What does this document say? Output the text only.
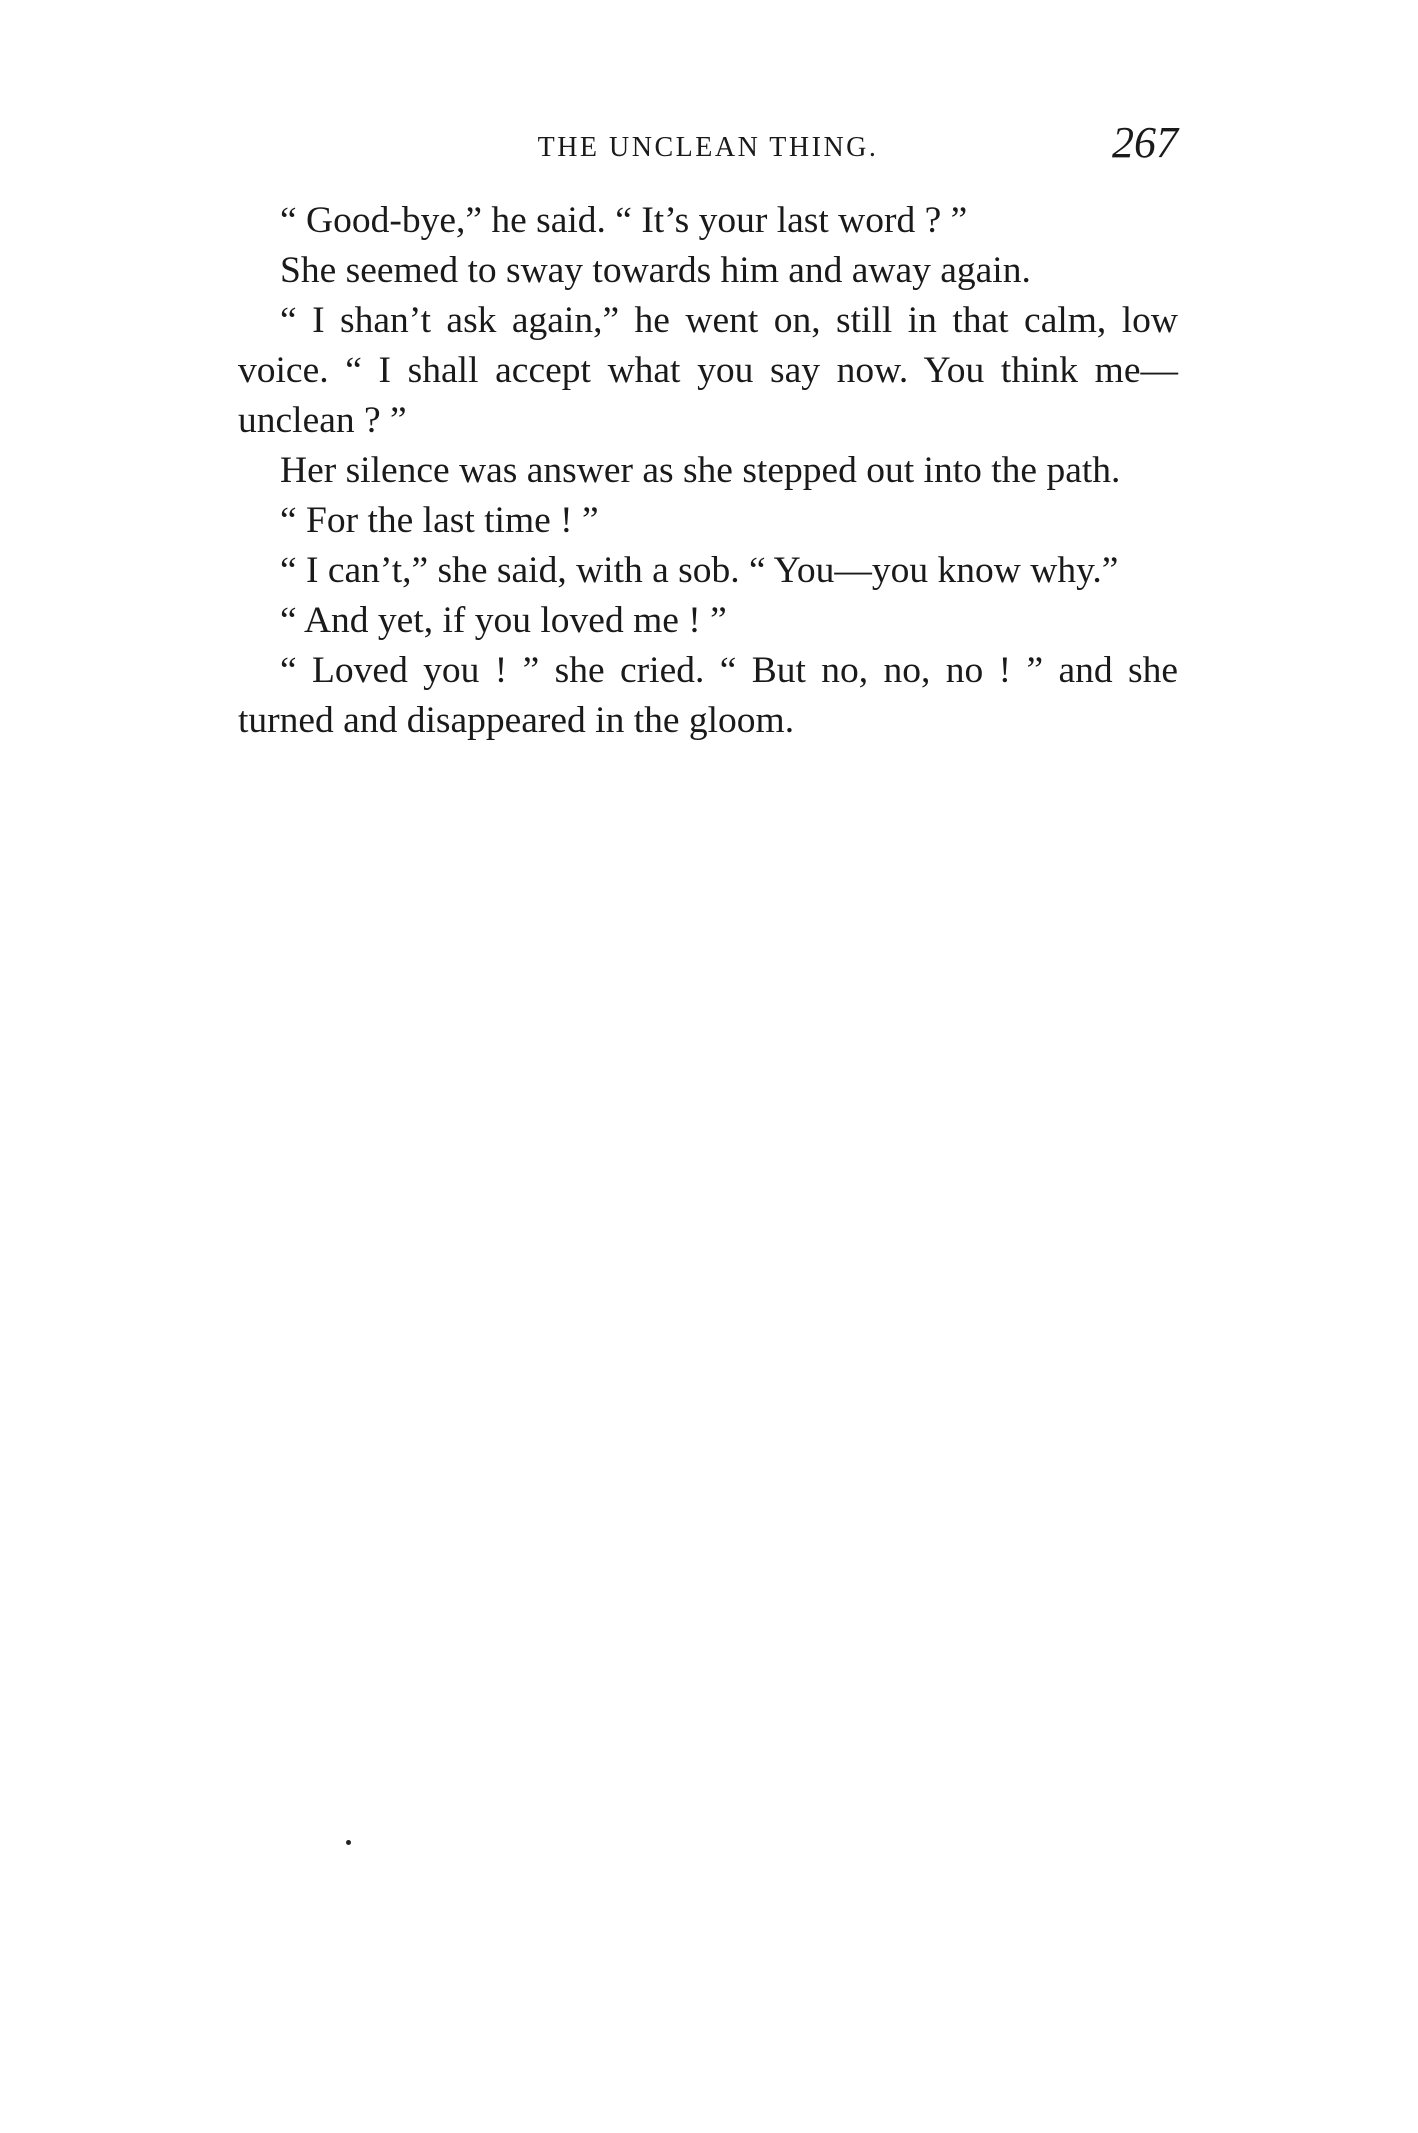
THE UNCLEAN THING.	267

“ Good-bye,” he said. “ It’s your last word ? ”

She seemed to sway towards him and away again.

“ I shan’t ask again,” he went on, still in that calm, low voice. “ I shall accept what you say now. You think me—unclean ? ”

Her silence was answer as she stepped out into the path.

“ For the last time ! ”

“ I can’t,” she said, with a sob. “ You—you know why.”

“ And yet, if you loved me ! ”

“ Loved you ! ” she cried. “ But no, no, no ! ” and she turned and disappeared in the gloom.
